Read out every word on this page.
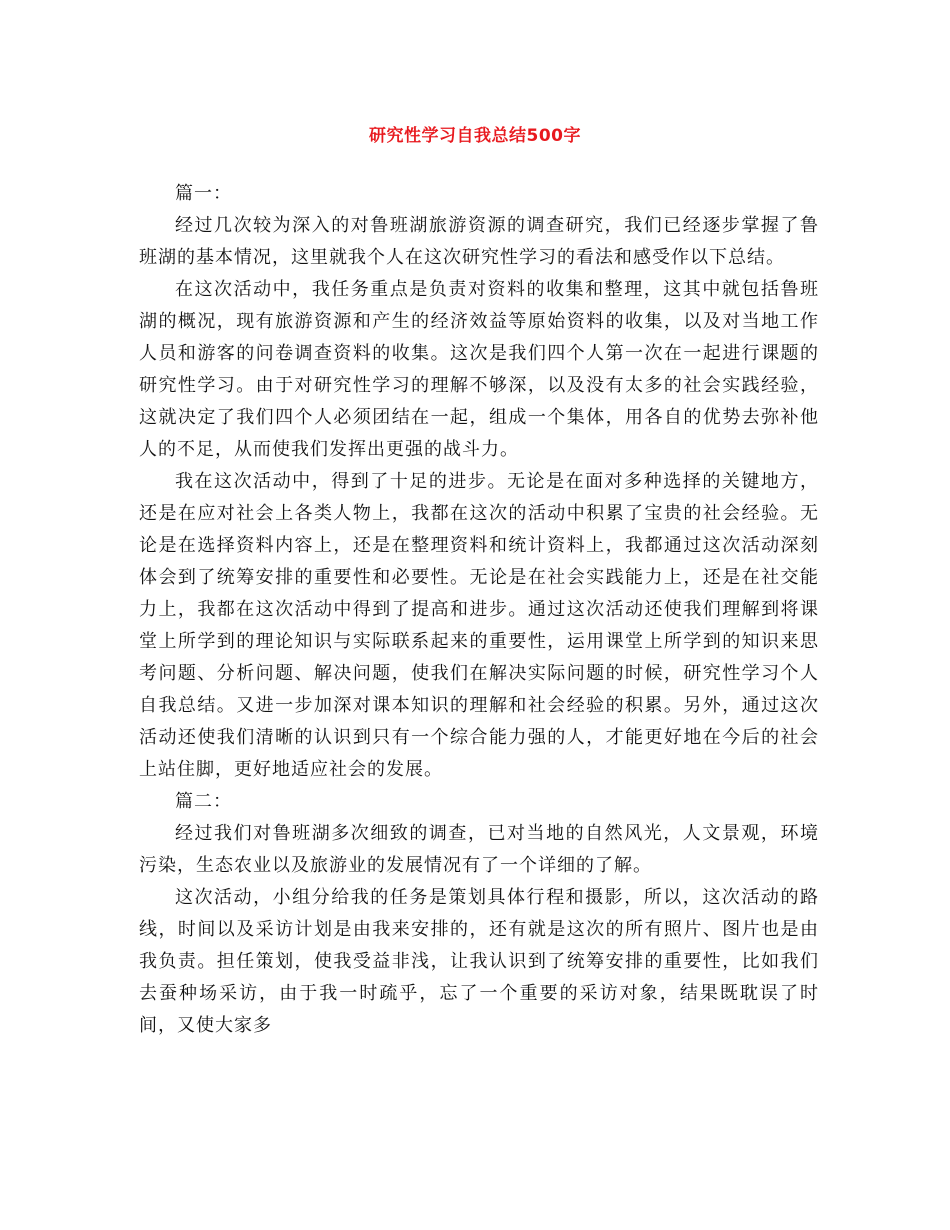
研究性学习自我总结500字

篇一：

经过几次较为深入的对鲁班湖旅游资源的调查研究，我们已经逐步掌握了鲁班湖的基本情况，这里就我个人在这次研究性学习的看法和感受作以下总结。

在这次活动中，我任务重点是负责对资料的收集和整理，这其中就包括鲁班湖的概况，现有旅游资源和产生的经济效益等原始资料的收集，以及对当地工作人员和游客的问卷调查资料的收集。这次是我们四个人第一次在一起进行课题的研究性学习。由于对研究性学习的理解不够深，以及没有太多的社会实践经验，这就决定了我们四个人必须团结在一起，组成一个集体，用各自的优势去弥补他人的不足，从而使我们发挥出更强的战斗力。

我在这次活动中，得到了十足的进步。无论是在面对多种选择的关键地方，还是在应对社会上各类人物上，我都在这次的活动中积累了宝贵的社会经验。无论是在选择资料内容上，还是在整理资料和统计资料上，我都通过这次活动深刻体会到了统筹安排的重要性和必要性。无论是在社会实践能力上，还是在社交能力上，我都在这次活动中得到了提高和进步。通过这次活动还使我们理解到将课堂上所学到的理论知识与实际联系起来的重要性，运用课堂上所学到的知识来思考问题、分析问题、解决问题，使我们在解决实际问题的时候，研究性学习个人自我总结。又进一步加深对课本知识的理解和社会经验的积累。另外，通过这次活动还使我们清晰的认识到只有一个综合能力强的人，才能更好地在今后的社会上站住脚，更好地适应社会的发展。

篇二：

经过我们对鲁班湖多次细致的调查，已对当地的自然风光，人文景观，环境污染，生态农业以及旅游业的发展情况有了一个详细的了解。

这次活动，小组分给我的任务是策划具体行程和摄影，所以，这次活动的路线，时间以及采访计划是由我来安排的，还有就是这次的所有照片、图片也是由我负责。担任策划，使我受益非浅，让我认识到了统筹安排的重要性，比如我们去蚕种场采访，由于我一时疏乎，忘了一个重要的采访对象，结果既耽误了时间，又使大家多
